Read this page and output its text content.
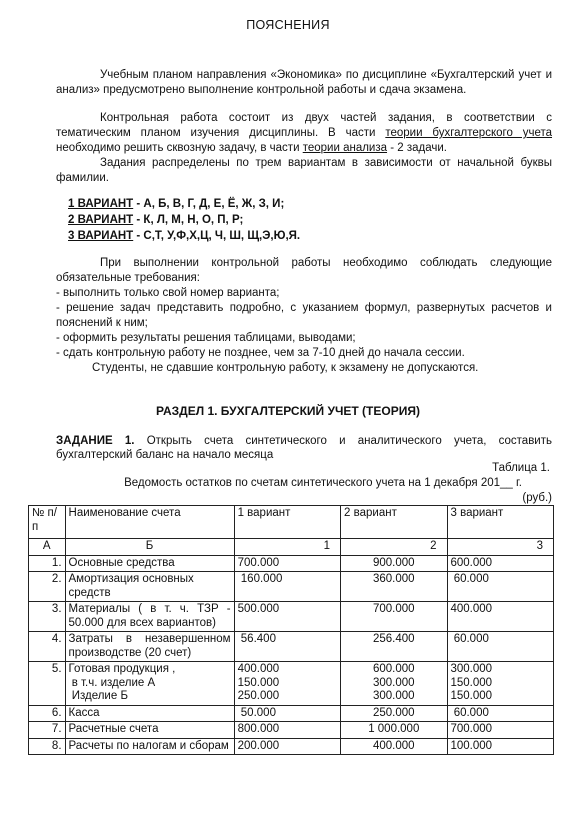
ПОЯСНЕНИЯ
Учебным планом направления «Экономика» по дисциплине «Бухгалтерский учет и анализ» предусмотрено выполнение контрольной работы и сдача экзамена.
Контрольная работа состоит из двух частей задания, в соответствии с тематическим планом изучения дисциплины. В части теории бухгалтерского учета необходимо решить сквозную задачу, в части теории анализа - 2 задачи.
Задания распределены по трем вариантам в зависимости от начальной буквы фамилии.
1 ВАРИАНТ - А, Б, В, Г, Д, Е, Ё, Ж, З, И;
2 ВАРИАНТ - К, Л, М, Н, О, П, Р;
3 ВАРИАНТ - С,Т, У,Ф,Х,Ц, Ч, Ш, Щ,Э,Ю,Я.
При выполнении контрольной работы необходимо соблюдать следующие обязательные требования:
- выполнить только свой номер варианта;
- решение задач представить подробно, с указанием формул, развернутых расчетов и пояснений к ним;
- оформить результаты решения таблицами, выводами;
- сдать контрольную работу не позднее, чем за 7-10 дней до начала сессии.
Студенты, не сдавшие контрольную работу, к экзамену не допускаются.
РАЗДЕЛ 1. БУХГАЛТЕРСКИЙ УЧЕТ (ТЕОРИЯ)
ЗАДАНИЕ 1. Открыть счета синтетического и аналитического учета, составить бухгалтерский баланс на начало месяца
Таблица 1.
Ведомость остатков по счетам синтетического учета на 1 декабря 201__ г.
(руб.)
№ п/п	Наименование счета	1 вариант	2 вариант	3 вариант
А	Б	1	2	3
1.	Основные средства	700.000	900.000	600.000
2.	Амортизация основных средств	160.000	360.000	60.000
3.	Материалы ( в т. ч. ТЗР - 50.000 для всех вариантов)	500.000	700.000	400.000
4.	Затраты в незавершенном производстве (20 счет)	56.400	256.400	60.000
5.	Готовая продукция ,
в т.ч. изделие А
Изделие Б	400.000
150.000
250.000	600.000
300.000
300.000	300.000
150.000
150.000
6.	Касса	50.000	250.000	60.000
7.	Расчетные счета	800.000	1 000.000	700.000
8.	Расчеты по налогам и сборам	200.000	400.000	100.000
